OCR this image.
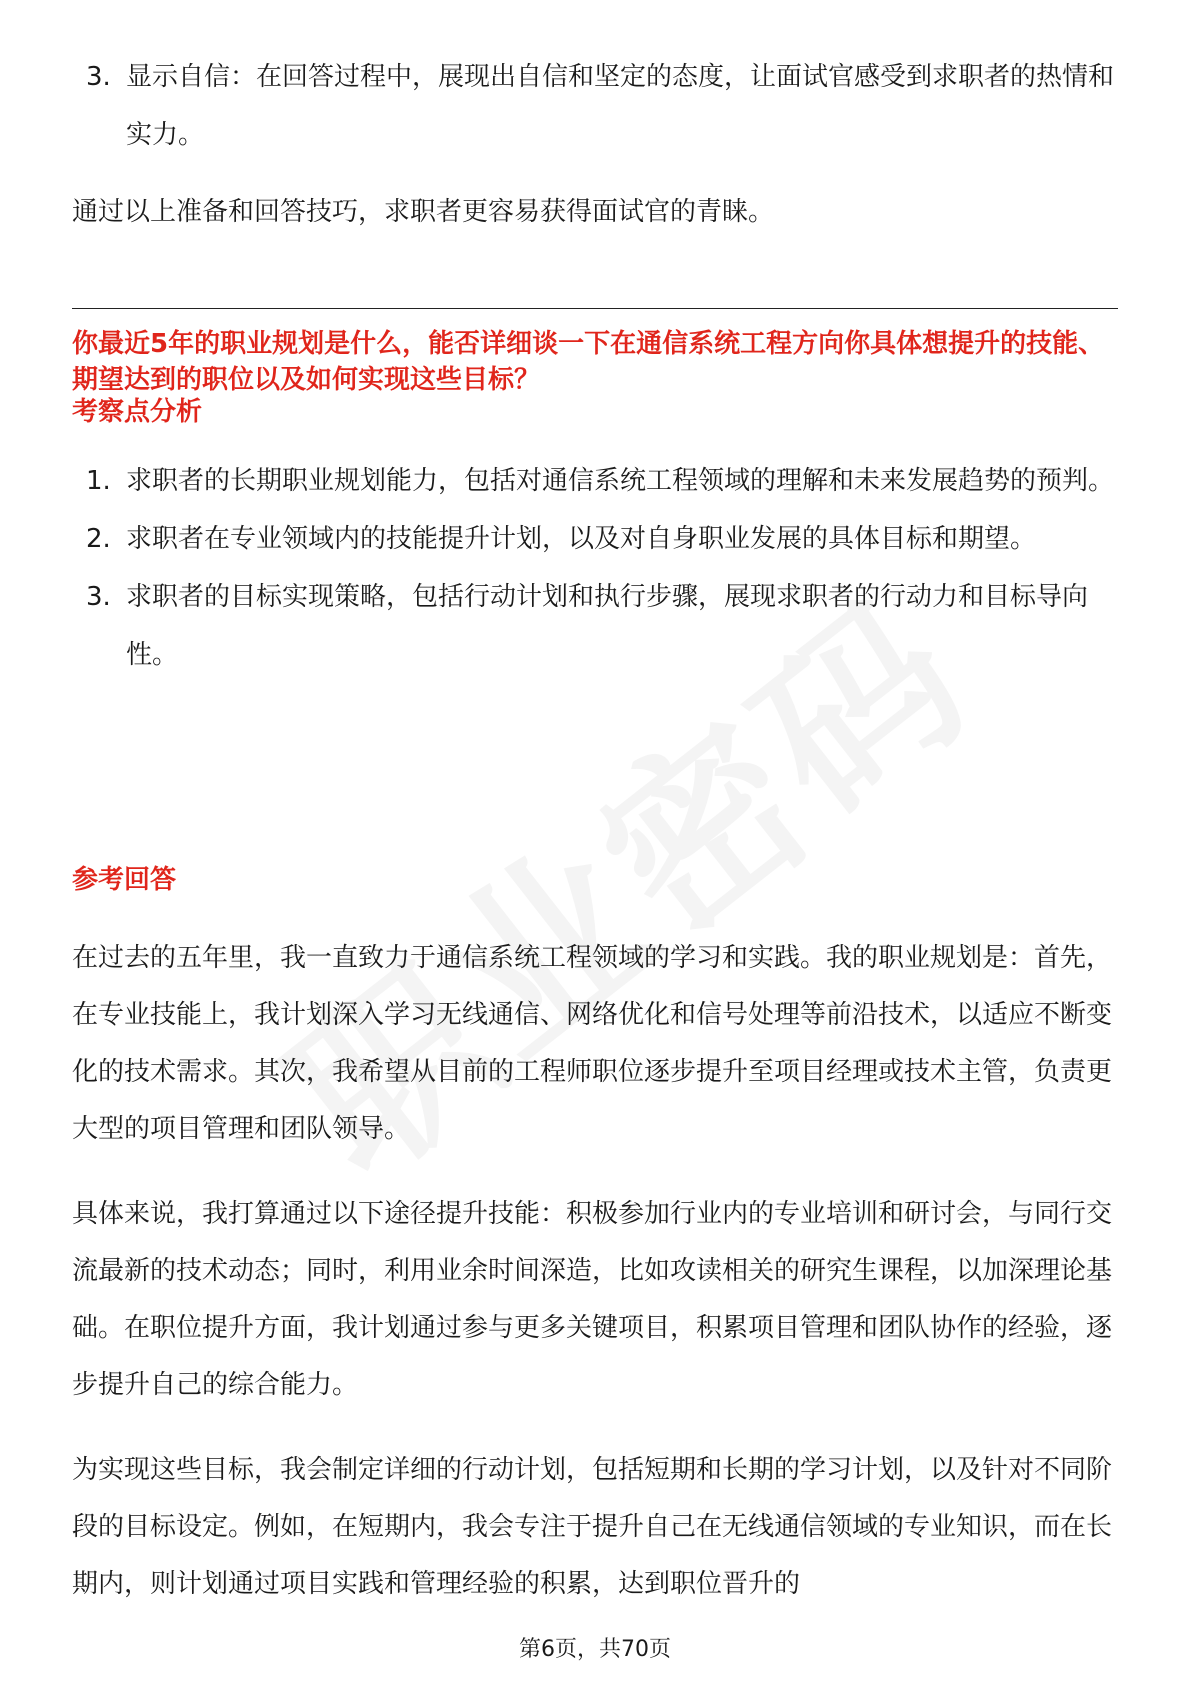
3. 显示自信：在回答过程中，展现出自信和坚定的态度，让面试官感受到求职者的热情和实力。

通过以上准备和回答技巧，求职者更容易获得面试官的青睐。

你最近5年的职业规划是什么，能否详细谈一下在通信系统工程方向你具体想提升的技能、期望达到的职位以及如何实现这些目标？

考察点分析
1. 求职者的长期职业规划能力，包括对通信系统工程领域的理解和未来发展趋势的预判。
2. 求职者在专业领域内的技能提升计划，以及对自身职业发展的具体目标和期望。
3. 求职者的目标实现策略，包括行动计划和执行步骤，展现求职者的行动力和目标导向性。
参考回答

在过去的五年里，我一直致力于通信系统工程领域的学习和实践。我的职业规划是：首先，在专业技能上，我计划深入学习无线通信、网络优化和信号处理等前沿技术，以适应不断变化的技术需求。其次，我希望从目前的工程师职位逐步提升至项目经理或技术主管，负责更大型的项目管理和团队领导。

具体来说，我打算通过以下途径提升技能：积极参加行业内的专业培训和研讨会，与同行交流最新的技术动态；同时，利用业余时间深造，比如攻读相关的研究生课程，以加深理论基础。在职位提升方面，我计划通过参与更多关键项目，积累项目管理和团队协作的经验，逐步提升自己的综合能力。

为实现这些目标，我会制定详细的行动计划，包括短期和长期的学习计划，以及针对不同阶段的目标设定。例如，在短期内，我会专注于提升自己在无线通信领域的专业知识，而在长期内，则计划通过项目实践和管理经验的积累，达到职位晋升的

第6页，共70页
